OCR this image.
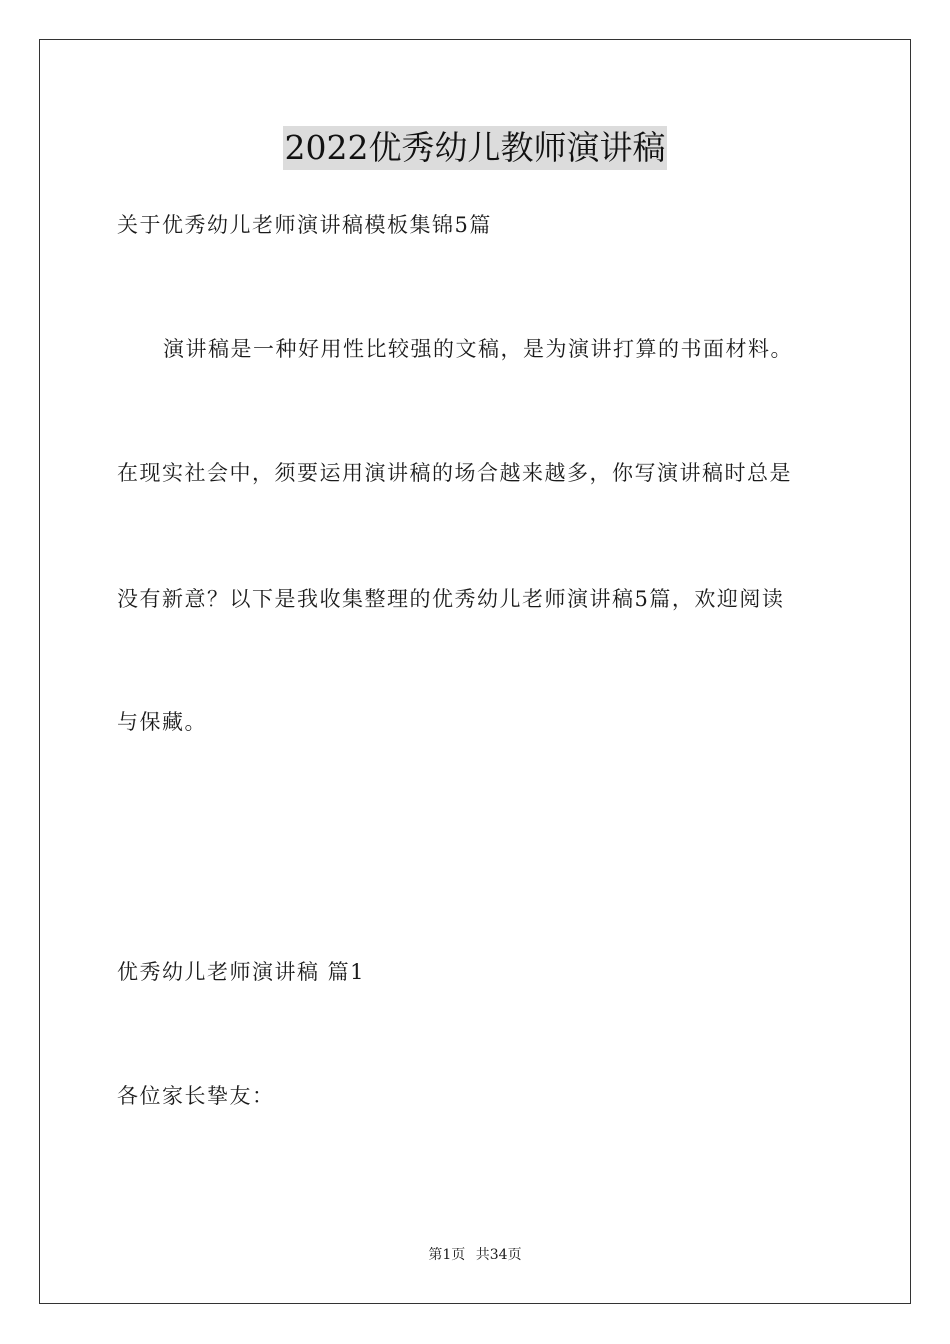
2022优秀幼儿教师演讲稿
关于优秀幼儿老师演讲稿模板集锦5篇
演讲稿是一种好用性比较强的文稿，是为演讲打算的书面材料。
在现实社会中，须要运用演讲稿的场合越来越多，你写演讲稿时总是
没有新意？以下是我收集整理的优秀幼儿老师演讲稿5篇，欢迎阅读
与保藏。
优秀幼儿老师演讲稿 篇1
各位家长挚友：
第1页 共34页
